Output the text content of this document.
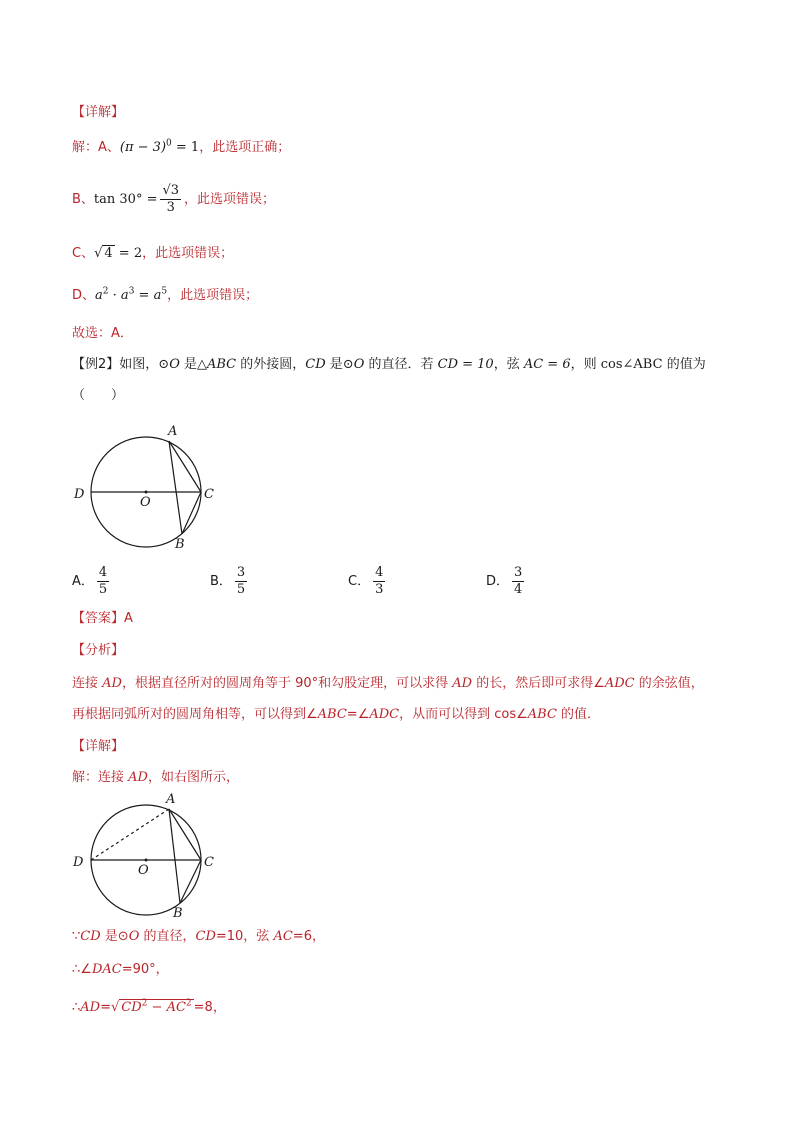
【详解】
解：A、$(\pi - 3)^0 = 1$，此选项正确；
B、$\tan 30^\circ = \frac{√3}{3}$ ，此选项错误；
C、√ 4 = 2，此选项错误；
D、$a^2 \cdot a^3 = a^5$，此选项错误；
故选：A．
【例2】如图，⊙O 是△ABC 的外接圆，CD 是⊙O 的直径．若 CD = 10，弦 AC = 6，则 cos∠ABC 的值为
（　　）
A
B
C
D
O
A． $\frac{4}{5}$	B． $\frac{3}{5}$	C． $\frac{4}{3}$	D． $\frac{3}{4}$
【答案】A
【分析】
连接 AD，根据直径所对的圆周角等于 90°和勾股定理，可以求得 AD 的长，然后即可求得∠ADC 的余弦值，
再根据同弧所对的圆周角相等，可以得到∠ABC=∠ADC，从而可以得到 cos∠ABC 的值．
【详解】
解：连接 AD，如右图所示，
A
B
C
D
O
∵CD 是⊙O 的直径，CD=10，弦 AC=6，
∴∠DAC=90°，
∴AD=√ $CD^2 - AC^2 =8$，
